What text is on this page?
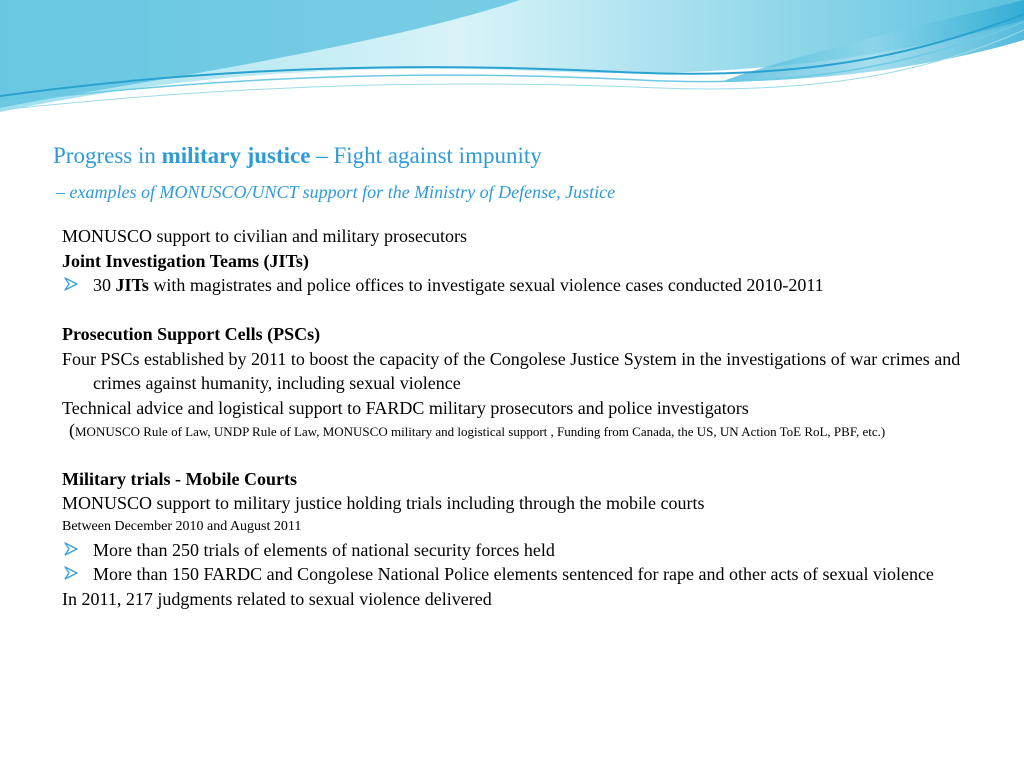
Progress in military justice – Fight against impunity

– examples of MONUSCO/UNCT support for the Ministry of Defense, Justice

MONUSCO support to civilian and military prosecutors

Joint Investigation Teams (JITs)

30 JITs with magistrates and police offices to investigate sexual violence cases conducted 2010-2011

Prosecution Support Cells (PSCs)

Four PSCs established by 2011 to boost the capacity of the Congolese Justice System in the investigations of war crimes and crimes against humanity, including sexual violence

Technical advice and logistical support to FARDC military prosecutors and police investigators

(MONUSCO Rule of Law, UNDP Rule of Law, MONUSCO military and logistical support , Funding from Canada, the US, UN Action ToE RoL, PBF, etc.)

Military trials - Mobile Courts

MONUSCO support to military justice holding trials including through the mobile courts

Between December 2010 and August 2011

More than 250 trials of elements of national security forces held
More than 150 FARDC and Congolese National Police elements sentenced for rape and other acts of sexual violence

In 2011, 217 judgments related to sexual violence delivered
